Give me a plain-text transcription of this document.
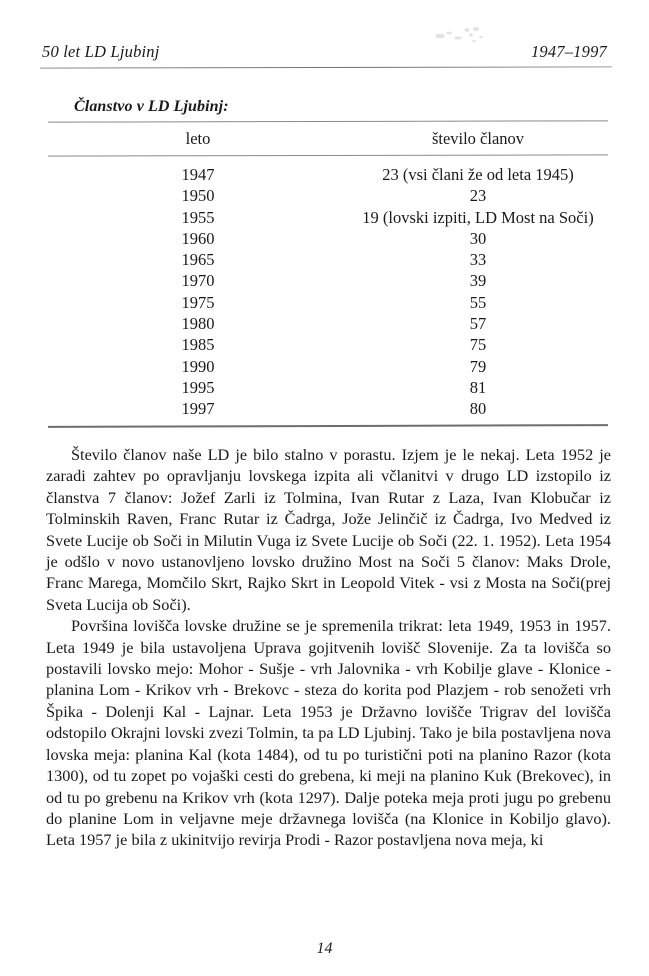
50 let LD Ljubinj	1947–1997
Članstvo v LD Ljubinj:
leto	število članov
1947	23 (vsi člani že od leta 1945)
1950	23
1955	19 (lovski izpiti, LD Most na Soči)
1960	30
1965	33
1970	39
1975	55
1980	57
1985	75
1990	79
1995	81
1997	80

Število članov naše LD je bilo stalno v porastu. Izjem je le nekaj. Leta 1952 je zaradi zahtev po opravljanju lovskega izpita ali včlanitvi v drugo LD izstopilo iz članstva 7 članov: Jožef Zarli iz Tolmina, Ivan Rutar z Laza, Ivan Klobučar iz Tolminskih Raven, Franc Rutar iz Čadrga, Jože Jelinčič iz Čadrga, Ivo Medved iz Svete Lucije ob Soči in Milutin Vuga iz Svete Lucije ob Soči (22. 1. 1952). Leta 1954 je odšlo v novo ustanovljeno lovsko družino Most na Soči 5 članov: Maks Drole, Franc Marega, Momčilo Skrt, Rajko Skrt in Leopold Vitek - vsi z Mosta na Soči(prej Sveta Lucija ob Soči).

Površina lovišča lovske družine se je spremenila trikrat: leta 1949, 1953 in 1957. Leta 1949 je bila ustavoljena Uprava gojitvenih lovišč Slovenije. Za ta lovišča so postavili lovsko mejo: Mohor - Sušje - vrh Jalovnika - vrh Kobilje glave - Klonice - planina Lom - Krikov vrh - Brekovc - steza do korita pod Plazjem - rob senožeti vrh Špika - Dolenji Kal - Lajnar. Leta 1953 je Državno lovišče Trigrav del lovišča odstopilo Okrajni lovski zvezi Tolmin, ta pa LD Ljubinj. Tako je bila postavljena nova lovska meja: planina Kal (kota 1484), od tu po turistični poti na planino Razor (kota 1300), od tu zopet po vojaški cesti do grebena, ki meji na planino Kuk (Brekovec), in od tu po grebenu na Krikov vrh (kota 1297). Dalje poteka meja proti jugu po grebenu do planine Lom in veljavne meje državnega lovišča (na Klonice in Kobiljo glavo). Leta 1957 je bila z ukinitvijo revirja Prodi - Razor postavljena nova meja, ki

14
